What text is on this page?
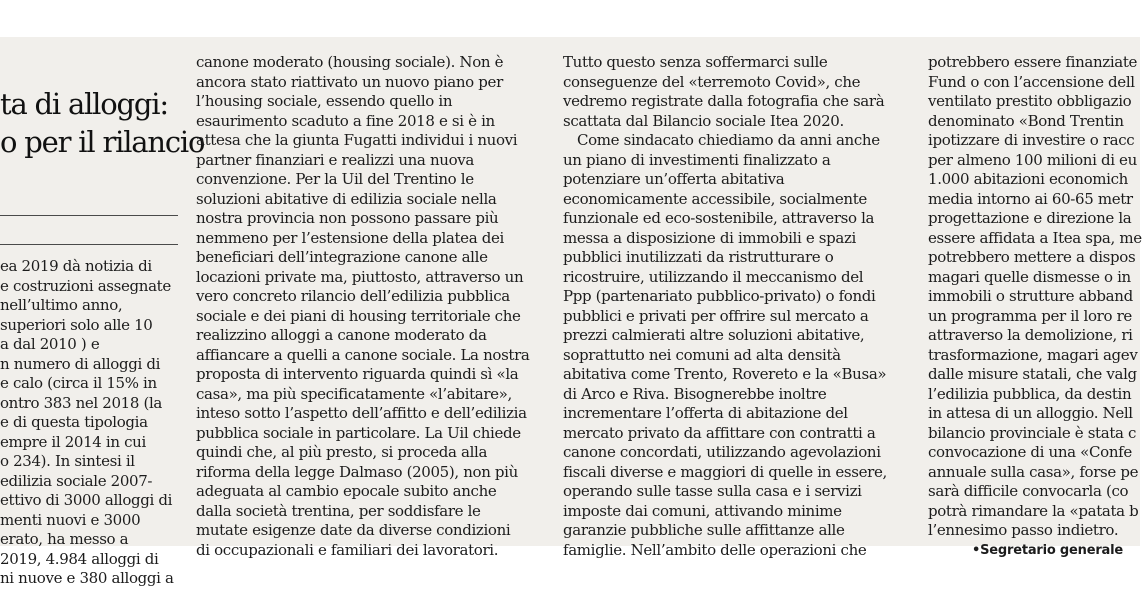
ta di alloggi:
o per il rilancio
ea 2019 dà notizia di
e costruzioni assegnate
nell’ultimo anno,
superiori solo alle 10
a dal 2010 ) e
n numero di alloggi di
e calo (circa il 15% in
ontro 383 nel 2018 (la
e di questa tipologia
empre il 2014 in cui
o 234). In sintesi il
edilizia sociale 2007-
ettivo di 3000 alloggi di
menti nuovi e 3000
erato, ha messo a
2019, 4.984 alloggi di
ni nuove e 380 alloggi a
canone moderato (housing sociale). Non è
ancora stato riattivato un nuovo piano per
l’housing sociale, essendo quello in
esaurimento scaduto a fine 2018 e si è in
attesa che la giunta Fugatti individui i nuovi
partner finanziari e realizzi una nuova
convenzione. Per la Uil del Trentino le
soluzioni abitative di edilizia sociale nella
nostra provincia non possono passare più
nemmeno per l’estensione della platea dei
beneficiari dell’integrazione canone alle
locazioni private ma, piuttosto, attraverso un
vero concreto rilancio dell’edilizia pubblica
sociale e dei piani di housing territoriale che
realizzino alloggi a canone moderato da
affiancare a quelli a canone sociale. La nostra
proposta di intervento riguarda quindi sì «la
casa», ma più specificatamente «l’abitare»,
inteso sotto l’aspetto dell’affitto e dell’edilizia
pubblica sociale in particolare. La Uil chiede
quindi che, al più presto, si proceda alla
riforma della legge Dalmaso (2005), non più
adeguata al cambio epocale subito anche
dalla società trentina, per soddisfare le
mutate esigenze date da diverse condizioni
di occupazionali e familiari dei lavoratori.
Tutto questo senza soffermarci sulle
conseguenze del «terremoto Covid», che
vedremo registrate dalla fotografia che sarà
scattata dal Bilancio sociale Itea 2020.
Come sindacato chiediamo da anni anche
un piano di investimenti finalizzato a
potenziare un’offerta abitativa
economicamente accessibile, socialmente
funzionale ed eco-sostenibile, attraverso la
messa a disposizione di immobili e spazi
pubblici inutilizzati da ristrutturare o
ricostruire, utilizzando il meccanismo del
Ppp (partenariato pubblico-privato) o fondi
pubblici e privati per offrire sul mercato a
prezzi calmierati altre soluzioni abitative,
soprattutto nei comuni ad alta densità
abitativa come Trento, Rovereto e la «Busa»
di Arco e Riva. Bisognerebbe inoltre
incrementare l’offerta di abitazione del
mercato privato da affittare con contratti a
canone concordati, utilizzando agevolazioni
fiscali diverse e maggiori di quelle in essere,
operando sulle tasse sulla casa e i servizi
imposte dai comuni, attivando minime
garanzie pubbliche sulle affittanze alle
famiglie. Nell’ambito delle operazioni che
potrebbero essere finanziate
Fund o con l’accensione dell
ventilato prestito obbligazio
denominato «Bond Trentin
ipotizzare di investire o racc
per almeno 100 milioni di eu
1.000 abitazioni economich
media intorno ai 60-65 metr
progettazione e direzione la
essere affidata a Itea spa, me
potrebbero mettere a dispos
magari quelle dismesse o in
immobili o strutture abband
un programma per il loro re
attraverso la demolizione, ri
trasformazione, magari agev
dalle misure statali, che valg
l’edilizia pubblica, da destin
in attesa di un alloggio. Nell
bilancio provinciale è stata c
convocazione di una «Confe
annuale sulla casa», forse pe
sarà difficile convocarla (co
potrà rimandare la «patata b
l’ennesimo passo indietro.
•Segretario generale
